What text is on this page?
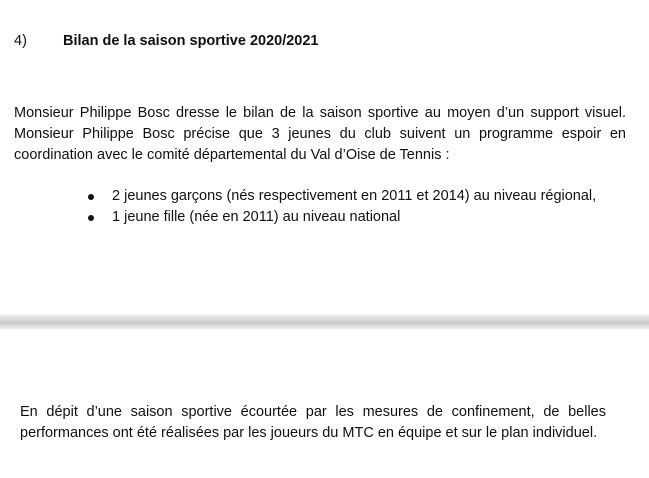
4) Bilan de la saison sportive 2020/2021
Monsieur Philippe Bosc dresse le bilan de la saison sportive au moyen d’un support visuel.
Monsieur Philippe Bosc précise que 3 jeunes du club suivent un programme espoir en
coordination avec le comité départemental du Val d’Oise de Tennis :
2 jeunes garçons (nés respectivement en 2011 et 2014) au niveau régional,
1 jeune fille (née en 2011) au niveau national
En dépit d’une saison sportive écourtée par les mesures de confinement, de belles
performances ont été réalisées par les joueurs du MTC en équipe et sur le plan individuel.
